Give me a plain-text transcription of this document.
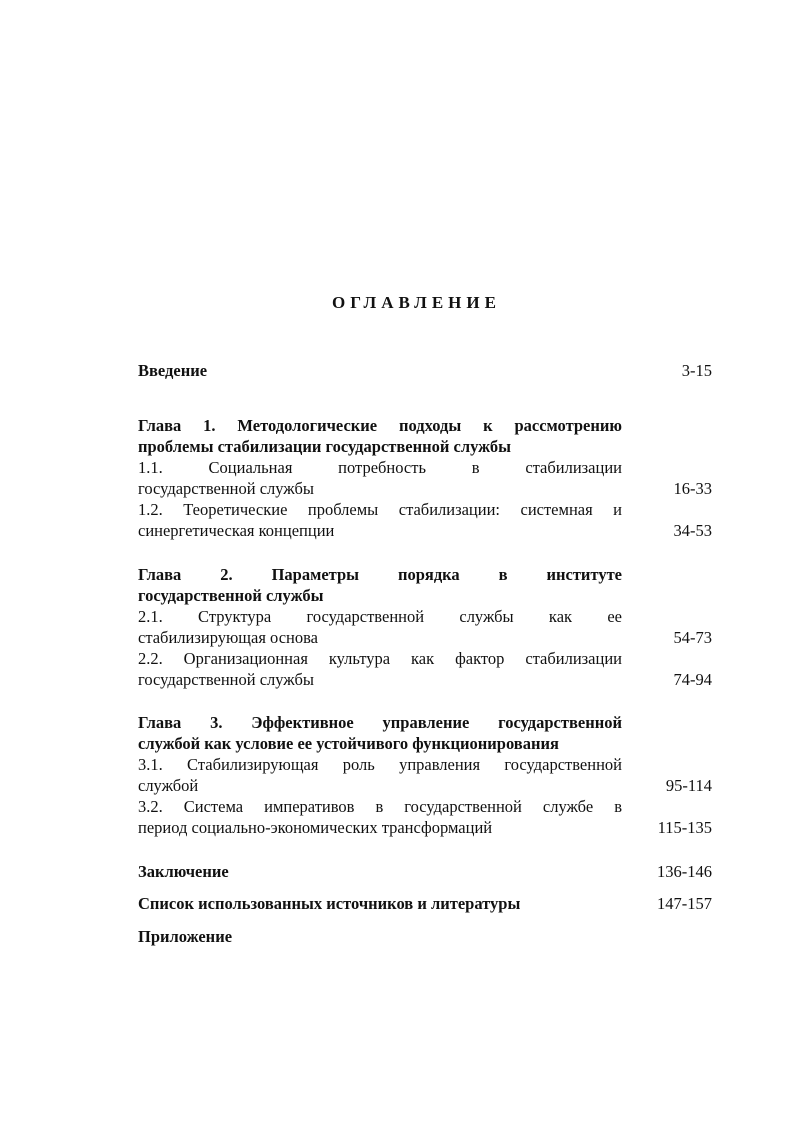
ОГЛАВЛЕНИЕ
Введение	3-15
Глава 1. Методологические подходы к рассмотрению
проблемы стабилизации государственной службы
1.1. Социальная потребность в стабилизации
государственной службы	16-33
1.2. Теоретические проблемы стабилизации: системная и
синергетическая концепции	34-53
Глава 2. Параметры порядка в институте
государственной службы
2.1. Структура государственной службы как ее
стабилизирующая основа	54-73
2.2. Организационная культура как фактор стабилизации
государственной службы	74-94
Глава 3. Эффективное управление государственной
службой как условие ее устойчивого функционирования
3.1. Стабилизирующая роль управления государственной
службой	95-114
3.2. Система императивов в государственной службе в
период социально-экономических трансформаций	115-135
Заключение	136-146
Список использованных источников и литературы	147-157
Приложение
